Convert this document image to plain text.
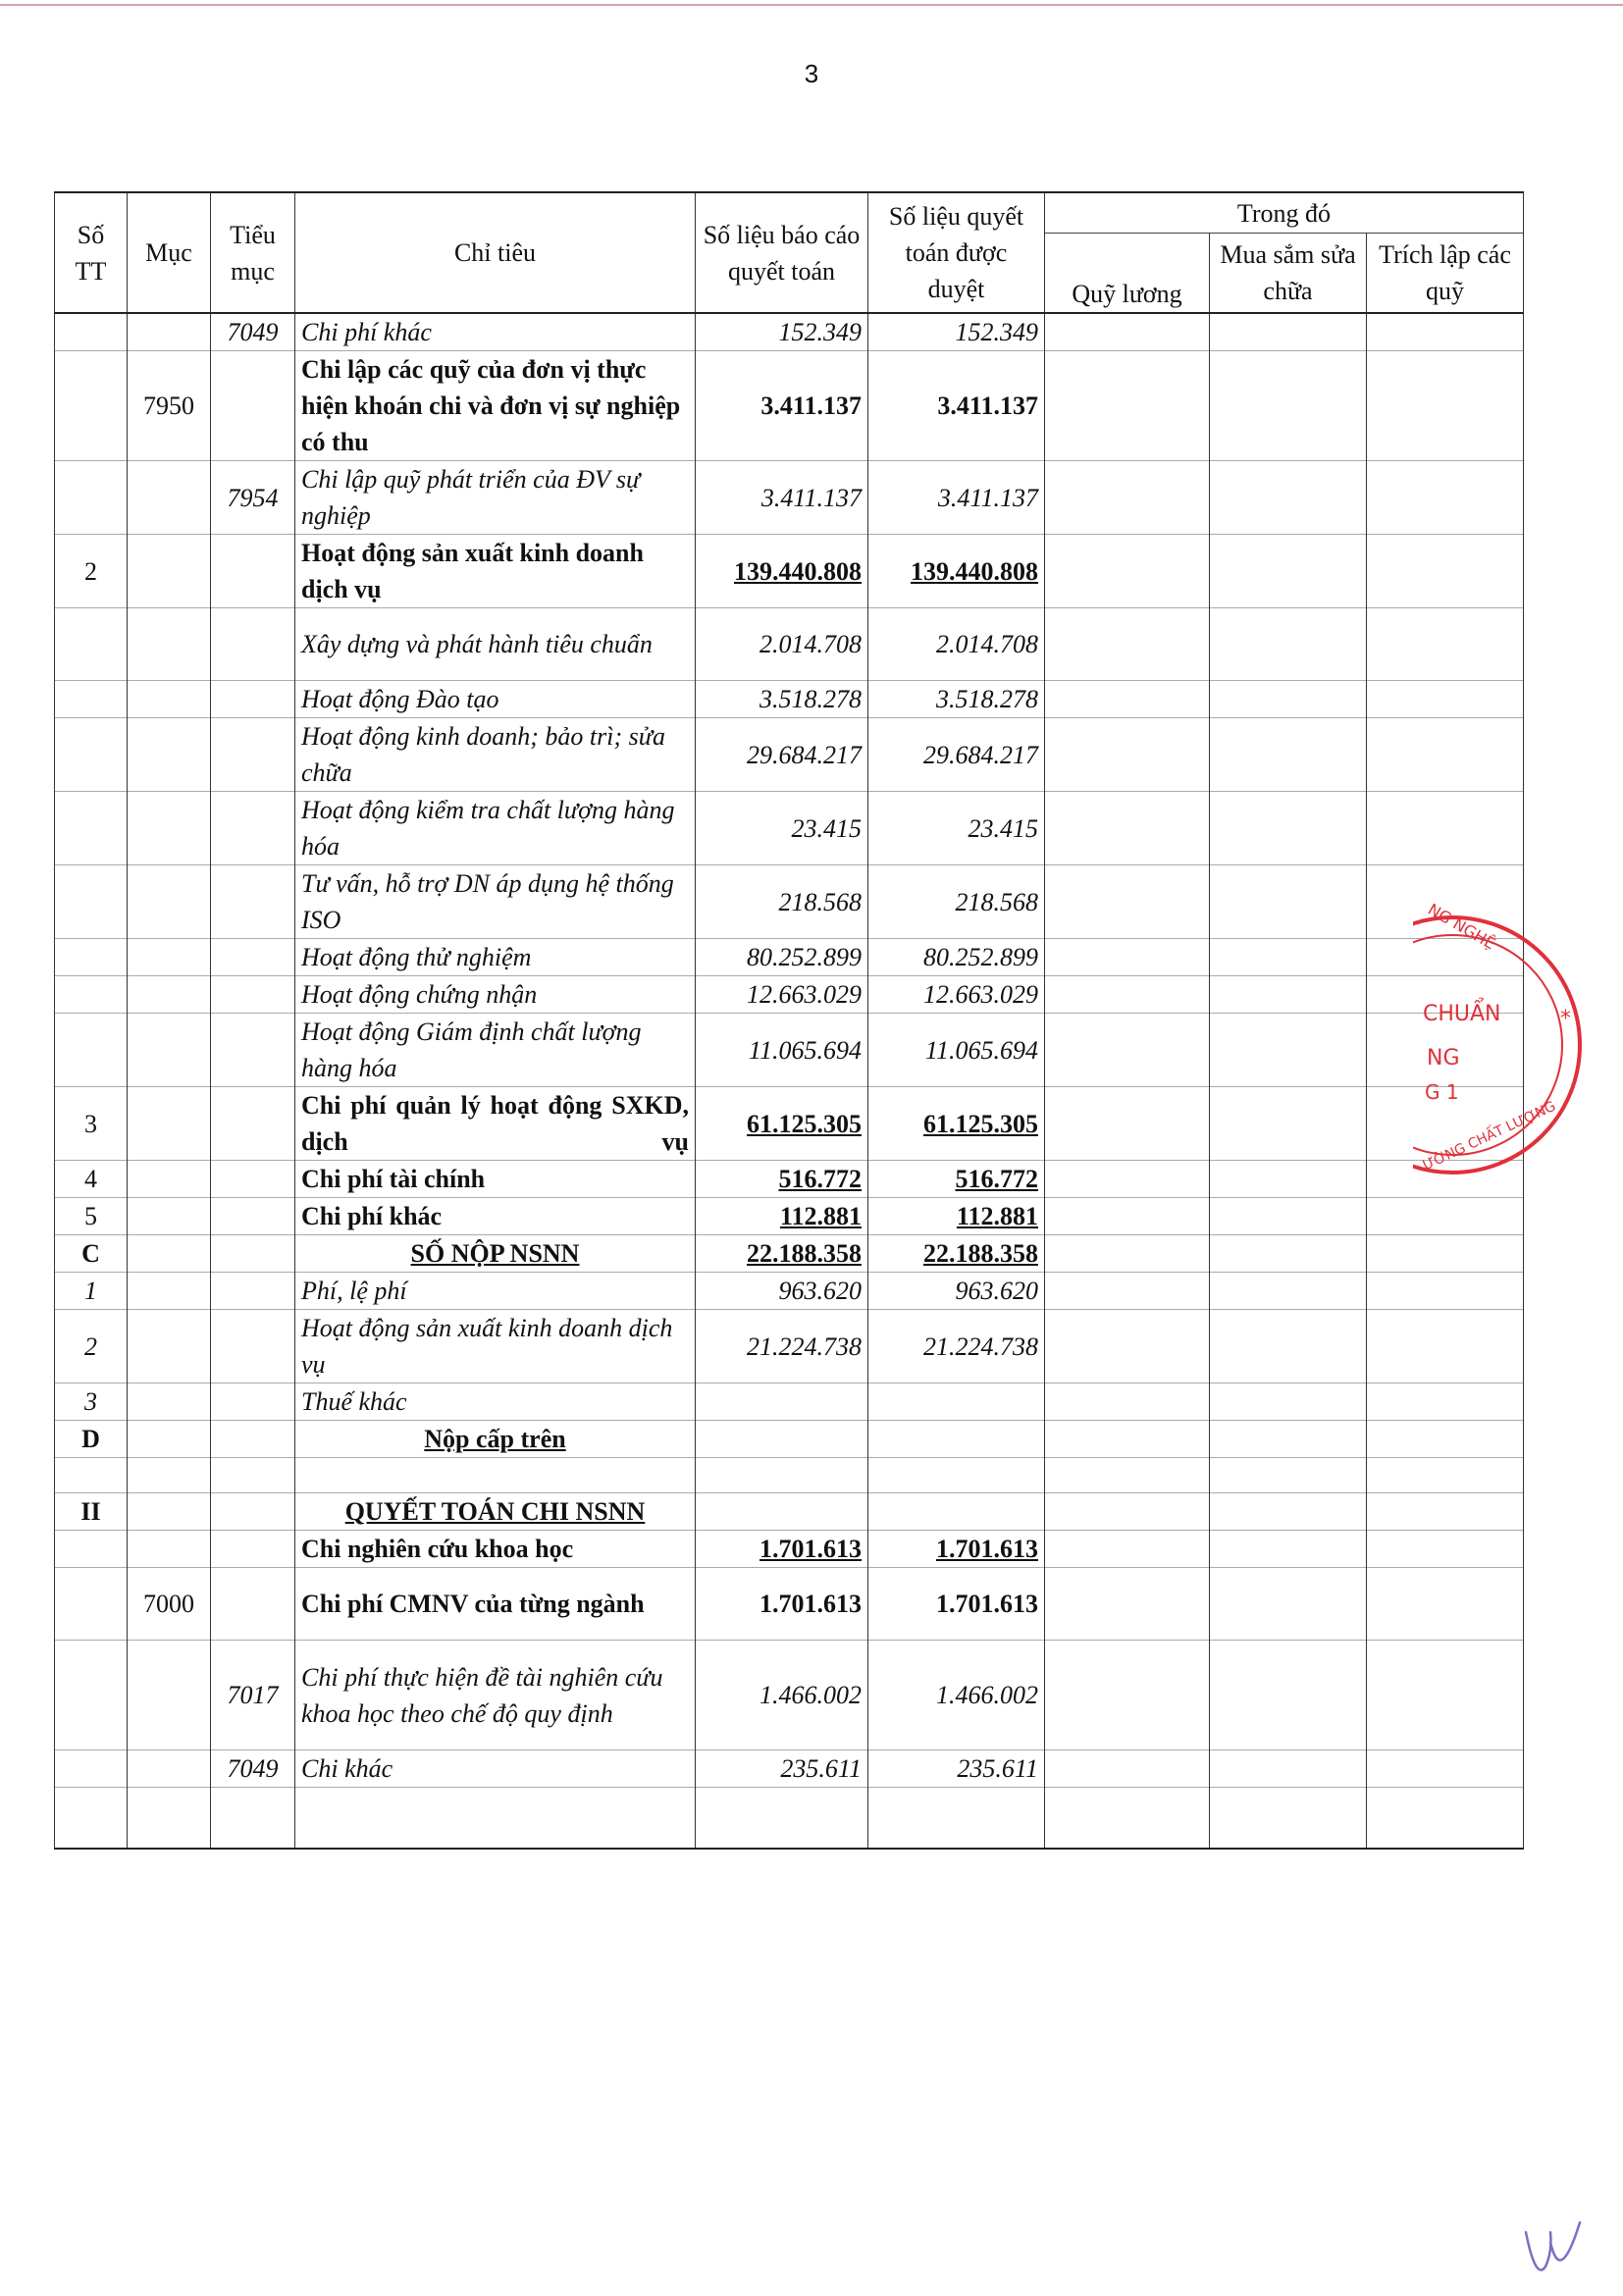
3
Số TT	Mục	Tiểu mục	Chỉ tiêu	Số liệu báo cáo quyết toán	Số liệu quyết toán được duyệt	Trong đó		
						Quỹ lương	Mua sắm sửa chữa	Trích lập các quỹ
		7049	Chi phí khác	152.349	152.349			
	7950		Chi lập các quỹ của đơn vị thực hiện khoán chi và đơn vị sự nghiệp có thu	3.411.137	3.411.137			
		7954	Chi lập quỹ phát triển của ĐV sự nghiệp	3.411.137	3.411.137			
2			Hoạt động sản xuất kinh doanh dịch vụ	139.440.808	139.440.808			
			Xây dựng và phát hành tiêu chuẩn	2.014.708	2.014.708			
			Hoạt động Đào tạo	3.518.278	3.518.278			
			Hoạt động kinh doanh; bảo trì; sửa chữa	29.684.217	29.684.217			
			Hoạt động kiểm tra chất lượng hàng hóa	23.415	23.415			
			Tư vấn, hỗ trợ DN áp dụng hệ thống ISO	218.568	218.568			
			Hoạt động thử nghiệm	80.252.899	80.252.899			
			Hoạt động chứng nhận	12.663.029	12.663.029			
			Hoạt động Giám định chất lượng hàng hóa	11.065.694	11.065.694			
3			Chi phí quản lý hoạt động SXKD, dịch vụ	61.125.305	61.125.305			
4			Chi phí tài chính	516.772	516.772			
5			Chi phí khác	112.881	112.881			
C			SỐ NỘP NSNN	22.188.358	22.188.358			
1			Phí, lệ phí	963.620	963.620			
2			Hoạt động sản xuất kinh doanh dịch vụ	21.224.738	21.224.738			
3			Thuế khác					
D			Nộp cấp trên					

II			QUYẾT TOÁN CHI NSNN					
			Chi nghiên cứu khoa học	1.701.613	1.701.613			
	7000		Chi phí CMNV của từng ngành	1.701.613	1.701.613			
		7017	Chi phí thực hiện đề tài nghiên cứu khoa học theo chế độ quy định	1.466.002	1.466.002			
		7049	Chi khác	235.611	235.611			

NG NGHỆ
CHUẨN
NG
G 1
ƯỜNG CHẤT LƯỢNG
*
